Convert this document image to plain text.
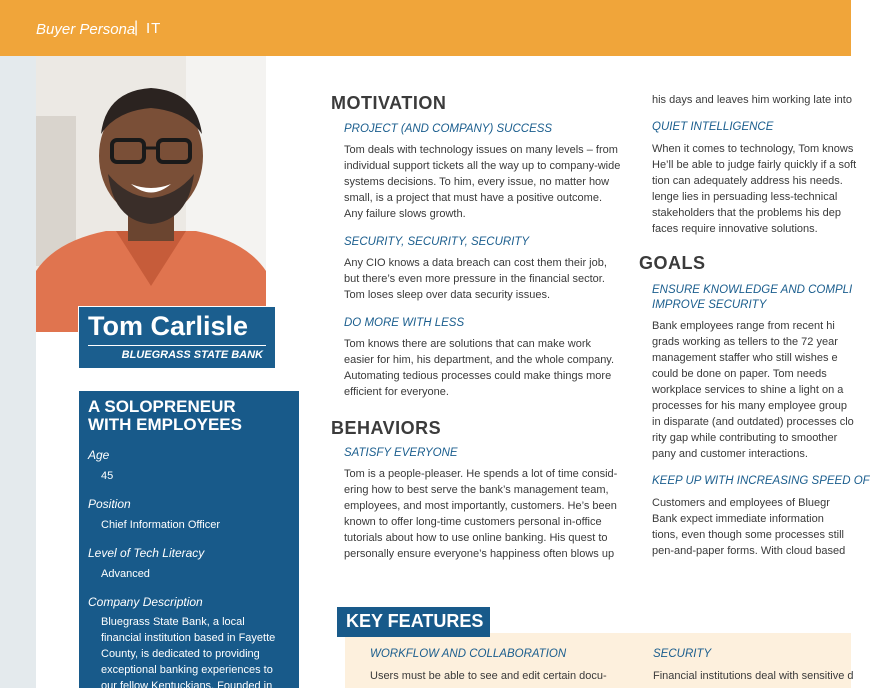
Buyer Persona
| IT
Tom Carlisle
BLUEGRASS STATE BANK
A SOLOPRENEUR
WITH EMPLOYEES
Age
45
Position
Chief Information Officer
Level of Tech Literacy
Advanced
Company Description
Bluegrass State Bank, a local
financial institution based in Fayette
County, is dedicated to providing
exceptional banking experiences to
our fellow Kentuckians. Founded in
MOTIVATION
PROJECT (AND COMPANY) SUCCESS
Tom deals with technology issues on many levels – from
individual support tickets all the way up to company-wide
systems decisions. To him, every issue, no matter how
small, is a project that must have a positive outcome.
Any failure slows growth.
SECURITY, SECURITY, SECURITY
Any CIO knows a data breach can cost them their job,
but there’s even more pressure in the financial sector.
Tom loses sleep over data security issues.
DO MORE WITH LESS
Tom knows there are solutions that can make work
easier for him, his department, and the whole company.
Automating tedious processes could make things more
efficient for everyone.
BEHAVIORS
SATISFY EVERYONE
Tom is a people-pleaser. He spends a lot of time consid-
ering how to best serve the bank’s management team,
employees, and most importantly, customers. He’s been
known to offer long-time customers personal in-office
tutorials about how to use online banking. His quest to
personally ensure everyone’s happiness often blows up
his days and leaves him working late into
QUIET INTELLIGENCE
When it comes to technology, Tom knows
He’ll be able to judge fairly quickly if a soft
tion can adequately address his needs.
lenge lies in persuading less-technical
stakeholders that the problems his dep
faces require innovative solutions.
GOALS
ENSURE KNOWLEDGE AND COMPLI
IMPROVE SECURITY
Bank employees range from recent hi
grads working as tellers to the 72 year
management staffer who still wishes e
could be done on paper. Tom needs
workplace services to shine a light on a
processes for his many employee group
in disparate (and outdated) processes clo
rity gap while contributing to smoother
pany and customer interactions.
KEEP UP WITH INCREASING SPEED OF
Customers and employees of Bluegr
Bank expect immediate information
tions, even though some processes still
pen-and-paper forms. With cloud based
KEY FEATURES
WORKFLOW AND COLLABORATION
Users must be able to see and edit certain docu-
SECURITY
Financial institutions deal with sensitive d
